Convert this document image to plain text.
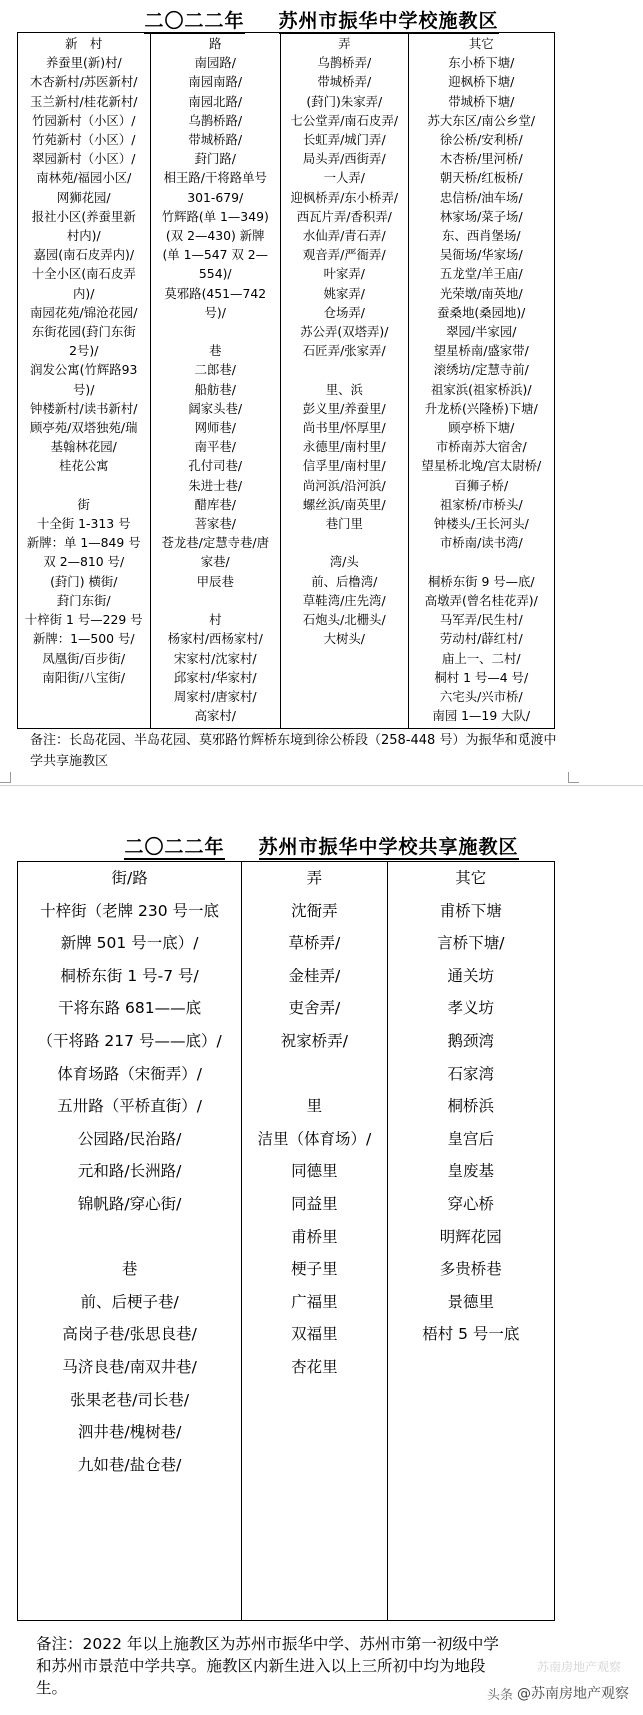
二〇二二年 苏州市振华中学校施教区
新　村
养蚕里(新)村/
木杏新村/苏医新村/
玉兰新村/桂花新村/
竹园新村（小区）/
竹苑新村（小区）/
翠园新村（小区）/
南林苑/福园小区/
网狮花园/
报社小区(养蚕里新
村内)/
嘉园(南石皮弄内)/
十全小区(南石皮弄
内)/
南园花苑/锦沧花园/
东街花园(葑门东街
2号)/
润发公寓(竹辉路93
号)/
钟楼新村/读书新村/
顾亭苑/双塔独苑/瑞
基翰林花园/
桂花公寓

街
十全街 1-313 号
新牌：单 1—849 号
双 2—810 号/
(葑门) 横街/
葑门东街/
十梓街 1 号—229 号
新牌：1—500 号/
凤凰街/百步街/
南阳街/八宝街/
路
南园路/
南园南路/
南园北路/
乌鹊桥路/
带城桥路/
葑门路/
相王路/干将路单号
301-679/
竹辉路(单 1—349)
(双 2—430) 新牌
(单 1—547 双 2—
554)/
莫邪路(451—742
号)/

巷
二郎巷/
船舫巷/
阔家头巷/
网师巷/
南平巷/
孔付司巷/
朱进士巷/
醋库巷/
菩家巷/
苍龙巷/定慧寺巷/唐
家巷/
甲辰巷

村
杨家村/西杨家村/
宋家村/沈家村/
邱家村/华家村/
周家村/唐家村/
高家村/
弄
乌鹊桥弄/
带城桥弄/
(葑门)朱家弄/
七公堂弄/南石皮弄/
长虹弄/城门弄/
局头弄/西街弄/
一人弄/
迎枫桥弄/东小桥弄/
西瓦片弄/香积弄/
水仙弄/青石弄/
观音弄/严衙弄/
叶家弄/
姚家弄/
仓场弄/
苏公弄(双塔弄)/
石匠弄/张家弄/

里、浜
彭义里/养蚕里/
尚书里/怀厚里/
永德里/南村里/
信孚里/南村里/
尚河浜/沿河浜/
螺丝浜/南英里/
巷门里

湾/头
前、后橹湾/
草鞋湾/庄先湾/
石炮头/北栅头/
大树头/
其它
东小桥下塘/
迎枫桥下塘/
带城桥下塘/
苏大东区/南公乡堂/
徐公桥/安利桥/
木杏桥/里河桥/
朝天桥/红板桥/
忠信桥/油车场/
林家场/菜子场/
东、西肖堡场/
吴衙场/华家场/
五龙堂/羊王庙/
光荣墩/南英地/
蚕桑地(桑园地)/
翠园/半家园/
望星桥南/盛家带/
滚绣坊/定慧寺前/
祖家浜(祖家桥浜)/
升龙桥(兴隆桥)下塘/
顾亭桥下塘/
市桥南苏大宿舍/
望星桥北堍/宫太尉桥/
百狮子桥/
祖家桥/市桥头/
钟楼头/王长河头/
市桥南/读书湾/

桐桥东街 9 号—底/
高墩弄(曾名桂花弄)/
马军弄/民生村/
劳动村/薜红村/
庙上一、二村/
桐村 1 号—4 号/
六宅头/兴市桥/
南园 1—19 大队/
备注：长岛花园、半岛花园、莫邪路竹辉桥东境到徐公桥段（258-448 号）为振华和觅渡中
学共享施教区
二〇二二年 苏州市振华中学校共享施教区
街/路
十梓街（老牌 230 号一底
新牌 501 号一底）/
桐桥东街 1 号-7 号/
干将东路 681——底
（干将路 217 号——底）/
体育场路（宋衙弄）/
五卅路（平桥直街）/
公园路/民治路/
元和路/长洲路/
锦帆路/穿心街/

巷
前、后梗子巷/
高岗子巷/张思良巷/
马济良巷/南双井巷/
张果老巷/司长巷/
泗井巷/槐树巷/
九如巷/盐仓巷/
弄
沈衙弄
草桥弄/
金桂弄/
吏舍弄/
祝家桥弄/

里
洁里（体育场）/
同德里
同益里
甫桥里
梗子里
广福里
双福里
杏花里
其它
甫桥下塘
言桥下塘/
通关坊
孝义坊
鹅颈湾
石家湾
桐桥浜
皇宫后
皇废基
穿心桥
明辉花园
多贵桥巷
景德里
梧村 5 号一底
备注：2022 年以上施教区为苏州市振华中学、苏州市第一初级中学
和苏州市景范中学共享。施教区内新生进入以上三所初中均为地段
生。
苏南房地产观察
头条 @苏南房地产观察
